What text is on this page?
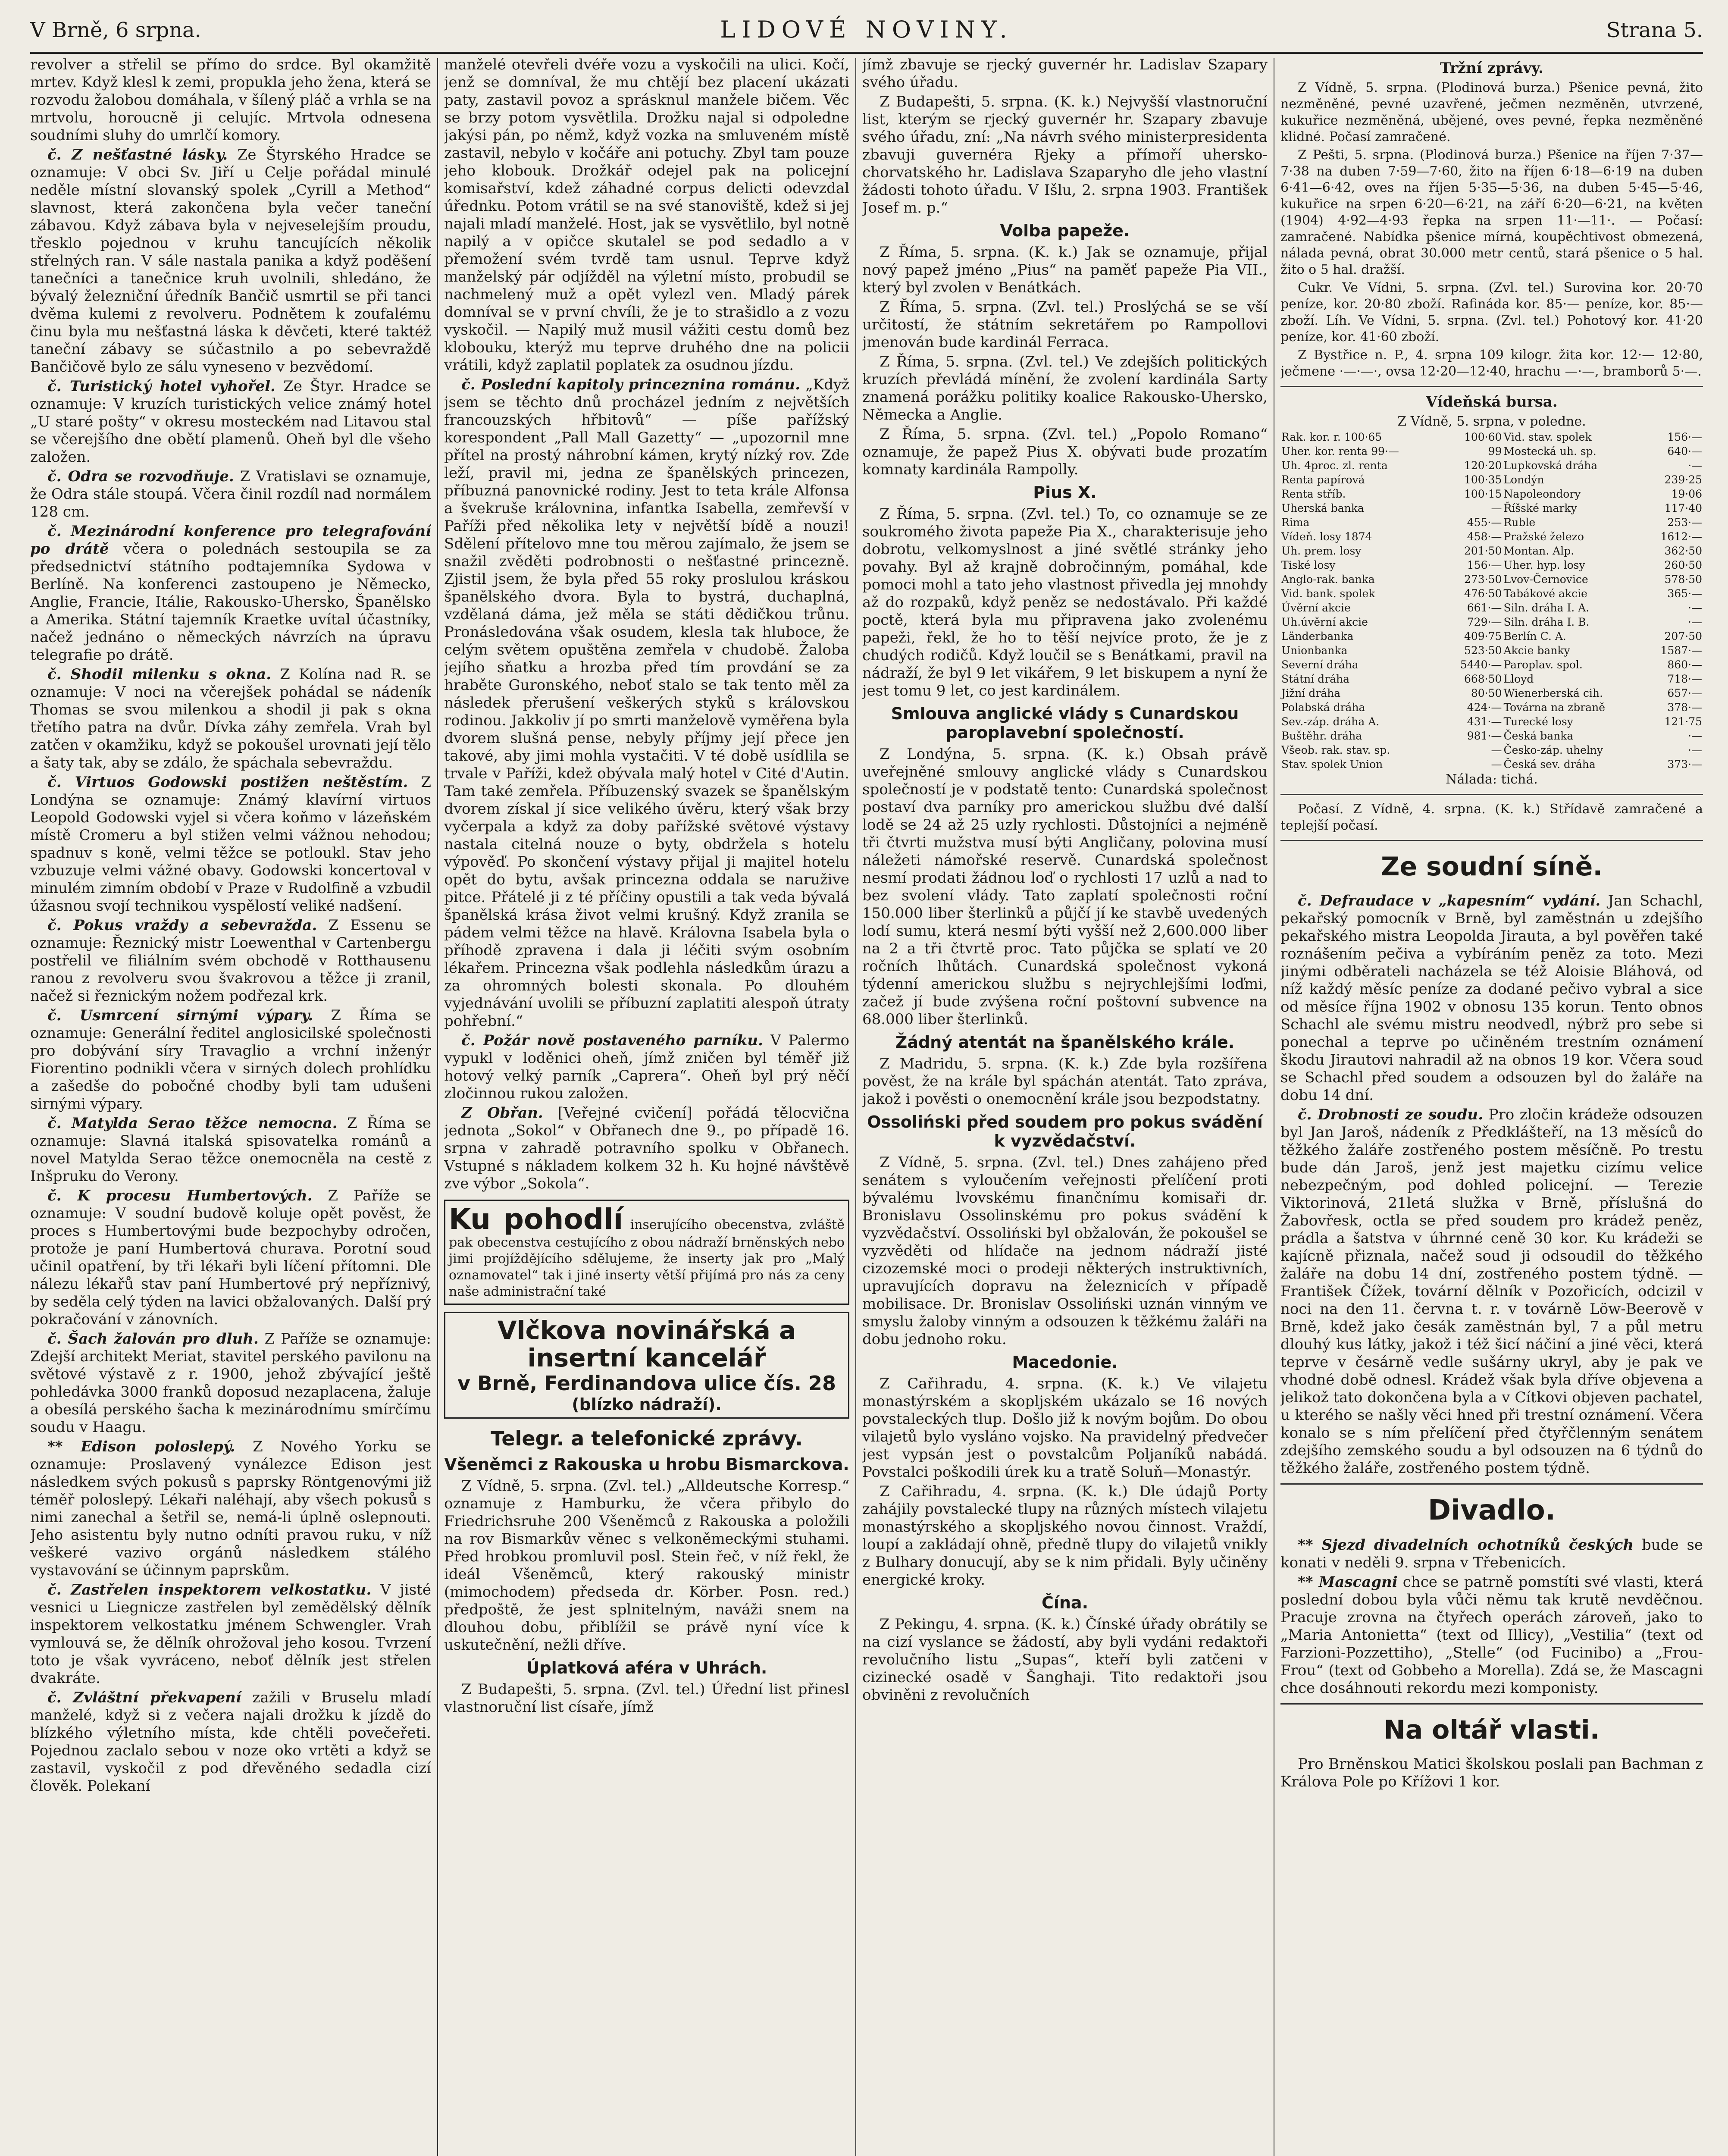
V Brně, 6 srpna.	LIDOVÉ NOVINY.	Strana 5.

revolver a střelil se přímo do srdce. Byl okamžitě mrtev. Když klesl k zemi, propukla jeho žena, která se rozvodu žalobou domáhala, v šílený pláč a vrhla se na mrtvolu, horoucně ji celujíc. Mrtvola odnesena soudními sluhy do umrlčí komory.

č. Z nešťastné lásky. Ze Štyrského Hradce se oznamuje: V obci Sv. Jiří u Celje pořádal minulé neděle místní slovanský spolek „Cyrill a Method“ slavnost, která zakončena byla večer taneční zábavou. Když zábava byla v nejveselejším proudu, třesklo pojednou v kruhu tancujících několik střelných ran. V sále nastala panika a když poděšení tanečníci a tanečnice kruh uvolnili, shledáno, že bývalý železniční úředník Bančič usmrtil se při tanci dvěma kulemi z revolveru. Podnětem k zoufalému činu byla mu nešťastná láska k děvčeti, které taktéž taneční zábavy se súčastnilo a po sebevraždě Bančičově bylo ze sálu vyneseno v bezvědomí.

č. Turistický hotel vyhořel. Ze Štyr. Hradce se oznamuje: V kruzích turistických velice známý hotel „U staré pošty“ v okresu mosteckém nad Litavou stal se včerejšího dne obětí plamenů. Oheň byl dle všeho založen.

č. Odra se rozvodňuje. Z Vratislavi se oznamuje, že Odra stále stoupá. Včera činil rozdíl nad normálem 128 cm.

č. Mezinárodní konference pro telegrafování po drátě včera o polednách sestoupila se za předsednictví státního podtajemníka Sydowa v Berlíně. Na konferenci zastoupeno je Německo, Anglie, Francie, Itálie, Rakousko-Uhersko, Španělsko a Amerika. Státní tajemník Kraetke uvítal účastníky, načež jednáno o německých návrzích na úpravu telegrafie po drátě.

č. Shodil milenku s okna. Z Kolína nad R. se oznamuje: V noci na včerejšek pohádal se nádeník Thomas se svou milenkou a shodil ji pak s okna třetího patra na dvůr. Dívka záhy zemřela. Vrah byl zatčen v okamžiku, když se pokoušel urovnati její tělo a šaty tak, aby se zdálo, že spáchala sebevraždu.

č. Virtuos Godowski postižen neštěstím. Z Londýna se oznamuje: Známý klavírní virtuos Leopold Godowski vyjel si včera koňmo v lázeňském místě Cromeru a byl stižen velmi vážnou nehodou; spadnuv s koně, velmi těžce se potloukl. Stav jeho vzbuzuje velmi vážné obavy. Godowski koncertoval v minulém zimním období v Praze v Rudolfině a vzbudil úžasnou svojí technikou vyspělostí veliké nadšení.

č. Pokus vraždy a sebevražda. Z Essenu se oznamuje: Řeznický mistr Loewenthal v Cartenbergu postřelil ve filiálním svém obchodě v Rotthausenu ranou z revolveru svou švakrovou a těžce ji zranil, načež si řeznickým nožem podřezal krk.

č. Usmrcení sirnými výpary. Z Říma se oznamuje: Generální ředitel anglosicilské společnosti pro dobývání síry Travaglio a vrchní inženýr Fiorentino podnikli včera v sirných dolech prohlídku a zašedše do pobočné chodby byli tam udušeni sirnými výpary.

č. Matylda Serao těžce nemocna. Z Říma se oznamuje: Slavná italská spisovatelka románů a novel Matylda Serao těžce onemocněla na cestě z Inšpruku do Verony.

č. K procesu Humbertových. Z Paříže se oznamuje: V soudní budově koluje opět pověst, že proces s Humbertovými bude bezpochyby odročen, protože je paní Humbertová churava. Porotní soud učinil opatření, by tři lékaři byli líčení přítomni. Dle nálezu lékařů stav paní Humbertové prý nepříznivý, by sedělа celý týden na lavici obžalovaných. Další prý pokračování v zánovních.

č. Šach žalován pro dluh. Z Paříže se oznamuje: Zdejší architekt Meriat, stavitel perského pavilonu na světové výstavě z r. 1900, jehož zbývající ještě pohledávka 3000 franků doposud nezaplacena, žaluje a obesílá perského šacha k mezinárodnímu smírčímu soudu v Haagu.

** Edison poloslepý. Z Nového Yorku se oznamuje: Proslavený vynálezce Edison jest následkem svých pokusů s paprsky Röntgenovými již téměř poloslepý. Lékaři naléhají, aby všech pokusů s nimi zanechal a šetřil se, nemá-li úplně oslepnouti. Jeho asistentu byly nutno odníti pravou ruku, v níž veškeré vazivo orgánů následkem stálého vystavování se účinnym paprskům.

č. Zastřelen inspektorem velkostatku. V jisté vesnici u Liegnicze zastřelen byl zemědělský dělník inspektorem velkostatku jménem Schwengler. Vrah vymlouvá se, že dělník ohrožoval jeho kosou. Tvrzení toto je však vyvráceno, neboť dělník jest střelen dvakráte.

č. Zvláštní překvapení zažili v Bruselu mladí manželé, když si z večera najali drožku k jízdě do blízkého výletního místa, kde chtěli povečeřeti. Pojednou zaclalo sebou v noze oko vrtěti a když se zastavil, vyskočil z pod dřevěného sedadla cizí člověk. Polekaní

manželé otevřeli dvéře vozu a vyskočili na ulici. Kočí, jenž se domníval, že mu chtějí bez placení ukázati paty, zastavil povoz a sprásknul manžele bičem. Věc se brzy potom vysvětlila. Drožku najal si odpoledne jakýsi pán, po němž, když vozka na smluveném místě zastavil, nebylo v kočáře ani potuchy. Zbyl tam pouze jeho klobouk. Drožkář odejel pak na policejní komisařství, kdež záhadné corpus delicti odevzdal úřednku. Potom vrátil se na své stanoviště, kdež si jej najali mladí manželé. Host, jak se vysvětlilo, byl notně napilý a v opičce skutalel se pod sedadlo a v přemožení svém tvrdě tam usnul. Teprve když manželský pár odjížděl na výletní místo, probudil se nachmelený muž a opět vylezl ven. Mladý párek domníval se v první chvíli, že je to strašidlo a z vozu vyskočil. — Napilý muž musil vážiti cestu domů bez klobouku, kterýž mu teprve druhého dne na policii vrátili, když zaplatil poplatek za osudnou jízdu.

č. Poslední kapitoly princeznina románu. „Když jsem se těchto dnů procházel jedním z největších francouzských hřbitovů“ — píše pařížský korespondent „Pall Mall Gazetty“ — „upozornil mne přítel na prostý náhrobní kámen, krytý nízký rov. Zde leží, pravil mi, jedna ze španělských princezen, příbuzná panovnické rodiny. Jest to teta krále Alfonsa a švekruše královnina, infantka Isabella, zemřevší v Paříži před několika lety v největší bídě a nouzi! Sdělení přítelovo mne tou měrou zajímalo, že jsem se snažil zvěděti podrobnosti o nešťastné princezně. Zjistil jsem, že byla před 55 roky proslulou kráskou španělského dvora. Byla to bystrá, duchaplná, vzdělaná dáma, jež měla se státi dědičkou trůnu. Pronásledována však osudem, klesla tak hluboce, že celým světem opuštěna zemřela v chudobě. Žaloba jejího sňatku a hrozba před tím provdání se za hraběte Guronského, neboť stalo se tak tento měl za následek přerušení veškerých styků s královskou rodinou. Jakkoliv jí po smrti manželově vyměřena byla dvorem slušná pense, nebyly příjmy její přece jen takové, aby jimi mohla vystačiti. V té době usídlila se trvale v Paříži, kdež obývala malý hotel v Cité d'Autin. Tam také zemřela. Příbuzenský svazek se španělským dvorem získal jí sice velikého úvěru, který však brzy vyčerpala a když za doby pařížské světové výstavy nastala citelná nouze o byty, obdržela s hotelu výpověď. Po skončení výstavy přijal ji majitel hotelu opět do bytu, avšak princezna oddala se naružive pitce. Přátelé ji z té příčiny opustili a tak veda bývalá španělská krása život velmi krušný. Když zranila se pádem velmi těžce na hlavě. Královna Isabela byla o příhodě zpravena i dala ji léčiti svým osobním lékařem. Princezna však podlehla následkům úrazu a za ohromných bolesti skonala. Po dlouhém vyjednávání uvolili se příbuzní zaplatiti alespoň útraty pohřební.“

č. Požár nově postaveného parníku. V Palermo vypukl v loděnici oheň, jímž zničen byl téměř již hotový velký parník „Caprera“. Oheň byl prý něčí zločinnou rukou založen.

Z Obřan. [Veřejné cvičení] pořádá tělocvična jednota „Sokol“ v Obřanech dne 9., po případě 16. srpna v zahradě potravního spolku v Obřanech. Vstupné s nákladem kolkem 32 h. Ku hojné návštěvě zve výbor „Sokola“.

Ku pohodlí inserujícího obecenstva, zvláště pak obecenstva cestujícího z obou nádraží brněnských nebo jimi projíždějícího sdělujeme, že inserty jak pro „Malý oznamovatel“ tak i jiné inserty větší přijímá pro nás za ceny naše administrační také
Vlčkova novinářská a insertní kancelář
v Brně, Ferdinandova ulice čís. 28
(blízko nádraží).
Telegr. a telefonické zprávy.
Všeněmci z Rakouska u hrobu Bismarckova.

Z Vídně, 5. srpna. (Zvl. tel.) „Alldeutsche Korresp.“ oznamuje z Hamburku, že včera přibylo do Friedrichsruhe 200 Všeněmců z Rakouska a položili na rov Bismarkův věnec s velkoněmeckými stuhami. Před hrobkou promluvil posl. Stein řeč, v níž řekl, že ideál Všeněmců, který rakouský ministr (mimochodem) předseda dr. Körber. Posn. red.) předpoště, že jest splnitelným, naváži snem na dlouhou dobu, přiblížil se právě nyní více k uskutečnění, nežli dříve.

Úplatková aféra v Uhrách.

Z Budapešti, 5. srpna. (Zvl. tel.) Úřední list přinesl vlastnoruční list císaře, jímž

jímž zbavuje se rjecký guvernér hr. Ladislav Szapary svého úřadu.

Z Budapešti, 5. srpna. (K. k.) Nejvyšší vlastnoruční list, kterým se rjecký guvernér hr. Szapary zbavuje svého úřadu, zní: „Na návrh svého ministerpresidenta zbavuji guvernéra Rjeky a přímoří uhersko-chorvatského hr. Ladislava Szaparyho dle jeho vlastní žádosti tohoto úřadu. V Išlu, 2. srpna 1903. František Josef m. p.“

Volba papeže.

Z Říma, 5. srpna. (K. k.) Jak se oznamuje, přijal nový papež jméno „Pius“ na paměť papeže Pia VII., který byl zvolen v Benátkách.

Z Říma, 5. srpna. (Zvl. tel.) Proslýchá se se vší určitostí, že státním sekretářem po Rampollovi jmenován bude kardinál Ferraca.

Z Říma, 5. srpna. (Zvl. tel.) Ve zdejších politických kruzích převládá mínění, že zvolení kardinála Sarty znamená porážku politiky koalice Rakousko-Uhersko, Německa a Anglie.

Z Říma, 5. srpna. (Zvl. tel.) „Popolo Romano“ oznamuje, že papež Pius X. obývati bude prozatím komnaty kardinála Rampolly.

Pius X.

Z Říma, 5. srpna. (Zvl. tel.) To, co oznamuje se ze soukromého života papeže Pia X., charakterisuje jeho dobrotu, velkomyslnost a jiné světlé stránky jeho povahy. Byl až krajně dobročinným, pomáhal, kde pomoci mohl a tato jeho vlastnost přivedla jej mnohdy až do rozpaků, když peněz se nedostávalo. Při každé poctě, která byla mu připravena jako zvolenému papeži, řekl, že ho to těší nejvíce proto, že je z chudých rodičů. Když loučil se s Benátkami, pravil na nádraží, že byl 9 let vikářem, 9 let biskupem a nyní že jest tomu 9 let, co jest kardinálem.

Smlouva anglické vlády s Cunardskou paroplavební společností.

Z Londýna, 5. srpna. (K. k.) Obsah právě uveřejněné smlouvy anglické vlády s Cunardskou společností je v podstatě tento: Cunardská společnost postaví dva parníky pro americkou službu dvé další lodě se 24 až 25 uzly rychlosti. Důstojníci a nejméně tři čtvrti mužstva musí býti Angličany, polovina musí náležeti námořské reservě. Cunardská společnost nesmí prodati žádnou loď o rychlosti 17 uzlů a nad to bez svolení vlády. Tato zaplatí společnosti roční 150.000 liber šterlinků a půjčí jí ke stavbě uvedených lodí sumu, která nesmí býti vyšší než 2,600.000 liber na 2 a tři čtvrtě proc. Tato půjčka se splatí ve 20 ročních lhůtách. Cunardská společnost vykoná týdenní americkou službu s nejrychlejšími loďmi, začež jí bude zvýšena roční poštovní subvence na 68.000 liber šterlinků.

Žádný atentát na španělského krále.

Z Madridu, 5. srpna. (K. k.) Zde byla rozšířena pověst, že na krále byl spáchán atentát. Tato zpráva, jakož i pověsti o onemocnění krále jsou bezpodstatny.

Ossoliński před soudem pro pokus svádění k vyzvědačství.

Z Vídně, 5. srpna. (Zvl. tel.) Dnes zahájeno před senátem s vyloučením veřejnosti přelíčení proti bývalému lvovskému finančnímu komisaři dr. Bronislavu Ossolinskému pro pokus svádění k vyzvědačství. Ossoliński byl obžalován, že pokoušel se vyzvěděti od hlídače na jednom nádraží jisté cizozemské moci o prodeji některých instruktivních, upravujících dopravu na železnicích v případě mobilisace. Dr. Bronislav Ossoliński uznán vinným ve smyslu žaloby vinným a odsouzen k těžkému žaláři na dobu jednoho roku.

Macedonie.

Z Cařihradu, 4. srpna. (K. k.) Ve vilajetu monastýrském a skopljském ukázalo se 16 nových povstaleckých tlup. Došlo již k novým bojům. Do obou vilajetů bylo vysláno vojsko. Na pravidelný předvečer jest vypsán jest o povstalcům Poljaníků nabádá. Povstalci poškodili úrek ku a tratě Soluň—Monastýr.

Z Cařihradu, 4. srpna. (K. k.) Dle údajů Porty zahájily povstalecké tlupy na různých místech vilajetu monastýrského a skopljského novou činnost. Vraždí, loupí a zakládají ohně, předně tlupy do vilajetů vnikly z Bulhary donucují, aby se k nim přidali. Byly učiněny energické kroky.

Čína.

Z Pekingu, 4. srpna. (K. k.) Čínské úřady obrátily se na cizí vyslance se žádostí, aby byli vydáni redaktoři revolučního listu „Supas“, kteří byli zatčeni v cizinecké osadě v Šanghaji. Tito redaktoři jsou obviněni z revolučních

Tržní zprávy.

Z Vídně, 5. srpna. (Plodinová burza.) Pšenice pevná, žito nezměněné, pevné uzavřené, ječmen nezměněn, utvrzené, kukuřice nezměněná, ubějené, oves pevné, řepka nezměněné klidné. Počasí zamračené.

Z Pešti, 5. srpna. (Plodinová burza.) Pšenice na říjen 7·37—7·38 na duben 7·59—7·60, žito na říjen 6·18—6·19 na duben 6·41—6·42, oves na říjen 5·35—5·36, na duben 5·45—5·46, kukuřice na srpen 6·20—6·21, na září 6·20—6·21, na květen (1904) 4·92—4·93 řepka na srpen 11·—11·. — Počasí: zamračené. Nabídka pšenice mírná, koupěchtivost obmezená, nálada pevná, obrat 30.000 metr centů, stará pšenice o 5 hal. žito o 5 hal. dražší.

Cukr. Ve Vídni, 5. srpna. (Zvl. tel.) Surovina kor. 20·70 peníze, kor. 20·80 zboží. Rafináda kor. 85·— peníze, kor. 85·— zboží. Líh. Ve Vídni, 5. srpna. (Zvl. tel.) Pohotový kor. 41·20 peníze, kor. 41·60 zboží.

Z Bystřice n. P., 4. srpna 109 kilogr. žita kor. 12·— 12·80, ječmene ·—·—·, ovsa 12·20—12·40, hrachu —·—, bramborů 5·—.

Vídeňská bursa.
Z Vídně, 5. srpna, v poledne.
Rak. kor. r. 100·65	100·60	Vid. stav. spolek	156·—
Uher. kor. renta 99·—	99	Mostecká uh. sp.	640·—
Uh. 4proc. zl. renta	120·20	Lupkovská dráha	·—
Renta papírová	100·35	Londýn	239·25
Renta stříb.	100·15	Napoleondory	19·06
Uherská banka	—	Říšské marky	117·40
Rima	455·—	Ruble	253·—
Vídeň. losy 1874	458·—	Pražské železo	1612·—
Uh. prem. losy	201·50	Montan. Alp.	362·50
Tiské losy	156·—	Uher. hyp. losy	260·50
Anglo-rak. banka	273·50	Lvov-Černovice	578·50
Vid. bank. spolek	476·50	Tabákové akcie	365·—
Úvěrní akcie	661·—	Siln. dráha I. A.	·—
Uh.úvěrní akcie	729·—	Siln. dráha I. B.	·—
Länderbanka	409·75	Berlín C. A.	207·50
Unionbanka	523·50	Akcie banky	1587·—
Severní dráha	5440·—	Paroplav. spol.	860·—
Státní dráha	668·50	Lloyd	718·—
Jižní dráha	80·50	Wienerberská cih.	657·—
Polabská dráha	424·—	Továrna na zbraně	378·—
Sev.-záp. dráha A.	431·—	Turecké losy	121·75
Buštěhr. dráha	981·—	Česká banka	·—
Všeob. rak. stav. sp.	—	Česko-záp. uhelny	·—
Stav. spolek Union	—	Česká sev. dráha	373·—
Nálada: tichá.

Počasí. Z Vídně, 4. srpna. (K. k.) Střídavě zamračené a teplejší počasí.

Ze soudní síně.

č. Defraudace v „kapesním“ vydání. Jan Schachl, pekařský pomocník v Brně, byl zaměstnán u zdejšího pekařského mistra Leopolda Jirauta, a byl pověřen také roznášením pečiva a vybíráním peněz za toto. Mezi jinými odběrateli nacházela se též Aloisie Bláhová, od níž každý měsíc peníze za dodané pečivo vybral a sice od měsíce října 1902 v obnosu 135 korun. Tento obnos Schachl ale svému mistru neodvedl, nýbrž pro sebe si ponechal a teprve po učiněném trestním oznámení škodu Jirautovi nahradil až na obnos 19 kor. Včera soud se Schachl před soudem a odsouzen byl do žaláře na dobu 14 dní.

č. Drobnosti ze soudu. Pro zločin krádeže odsouzen byl Jan Jaroš, nádeník z Předklášteří, na 13 měsíců do těžkého žaláře zostřeného postem měsíčně. Po trestu bude dán Jaroš, jenž jest majetku cizímu velice nebezpečným, pod dohled policejní. — Terezie Viktorinová, 21letá služka v Brně, příslušná do Žabovřesk, octla se před soudem pro krádež peněz, prádla a šatstva v úhrnné ceně 30 kor. Ku krádeži se kajícně přiznala, načež soud ji odsoudil do těžkého žaláře na dobu 14 dní, zostřeného postem týdně. — František Čížek, tovární dělník v Pozořicích, odcizil v noci na den 11. června t. r. v továrně Löw-Beerově v Brně, kdež jako česák zaměstnán byl, 7 a půl metru dlouhý kus látky, jakož i též šicí náčiní a jiné věci, která teprve v česárně vedle sušárny ukryl, aby je pak ve vhodné době odnesl. Krádež však byla dříve objevena a jelikož tato dokončena byla a v Cítkovi objeven pachatel, u kterého se našly věci hned při trestní oznámení. Včera konalo se s ním přelíčení před čtyřčlenným senátem zdejšího zemského soudu a byl odsouzen na 6 týdnů do těžkého žaláře, zostřeného postem týdně.

Divadlo.

** Sjezd divadelních ochotníků českých bude se konati v neděli 9. srpna v Třebenicích.

** Mascagni chce se patrně pomstíti své vlasti, která poslední dobou byla vůči němu tak krutě nevděčnou. Pracuje zrovna na čtyřech operách zároveň, jako to „Maria Antonietta“ (text od Illicy), „Vestilia“ (text od Farzioni-Pozzettiho), „Stelle“ (od Fucinibo) a „Frou-Frou“ (text od Gobbeho a Morella). Zdá se, že Mascagni chce dosáhnouti rekordu mezi komponisty.

Na oltář vlasti.

Pro Brněnskou Matici školskou poslali pan Bachman z Králova Pole po Křížovi 1 kor.
